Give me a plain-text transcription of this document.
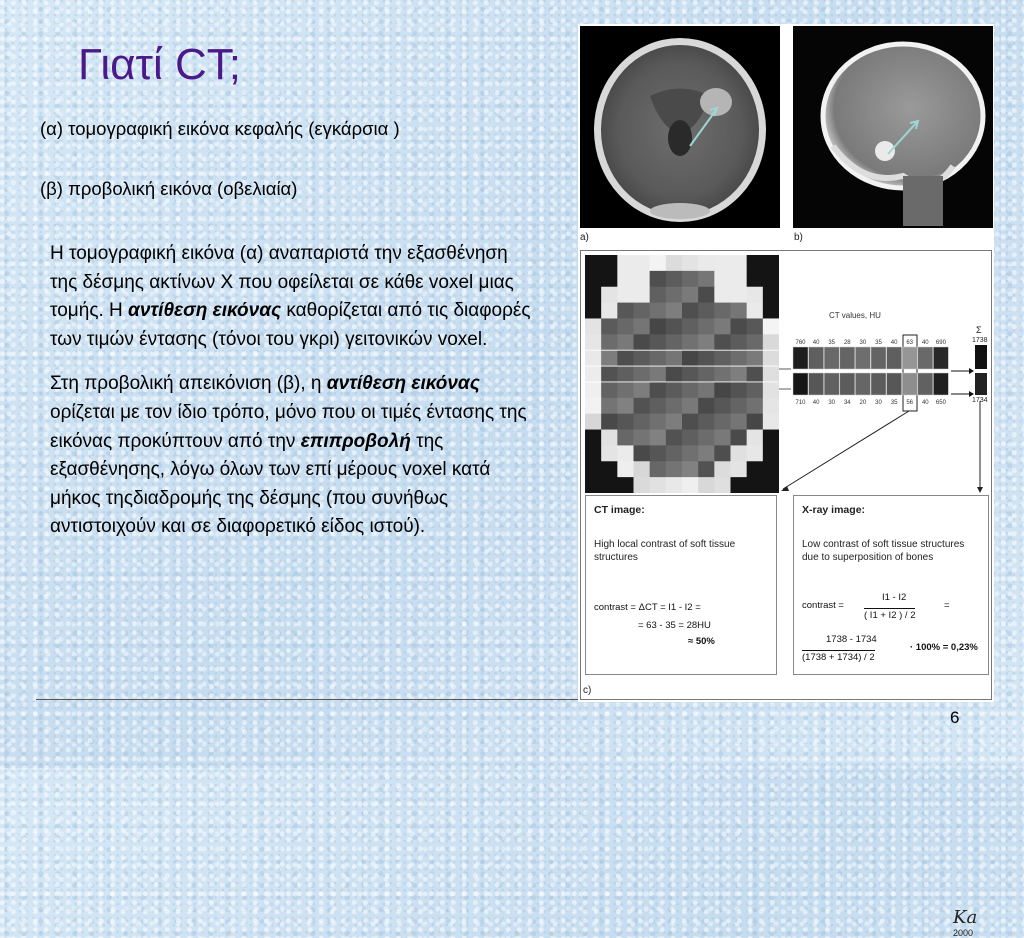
Γιατί CT;
(α) τομογραφική εικόνα κεφαλής (εγκάρσια )
(β) προβολική εικόνα (οβελιαία)

Η τομογραφική εικόνα (α) αναπαριστά την εξασθένηση της δέσμης ακτίνων X που οφείλεται σε κάθε voxel μιας τομής. Η αντίθεση εικόνας καθορίζεται από τις διαφορές των τιμών έντασης (τόνοι του γκρι) γειτονικών voxel.

Στη προβολική απεικόνιση (β), η αντίθεση εικόνας ορίζεται με τον ίδιο τρόπο, μόνο που οι τιμές έντασης της εικόνας προκύπτουν από την επιπροβολή της εξασθένησης, λόγω όλων των επί μέρους voxel κατά μήκος τηςδιαδρομής της δέσμης (που συνήθως αντιστοιχούν και σε διαφορετικό είδος ιστού).

6
a)	b)
CT values, HU
760 40 35 28 30 35 40 63 40 690
710 40 30 34 20 30 35 56 40 650
Σ
1738
1734
CT image:
High local contrast of soft tissue structures
contrast = ΔCT = I1 - I2 =
= 63 - 35 = 28HU
≈ 50%
X-ray image:
Low contrast of soft tissue structures due to superposition of bones
contrast =
I1 - I2
( I1 + I2 ) / 2
=
1738 - 1734
(1738 + 1734) / 2
· 100% = 0,23%
c)
Ka 2000
